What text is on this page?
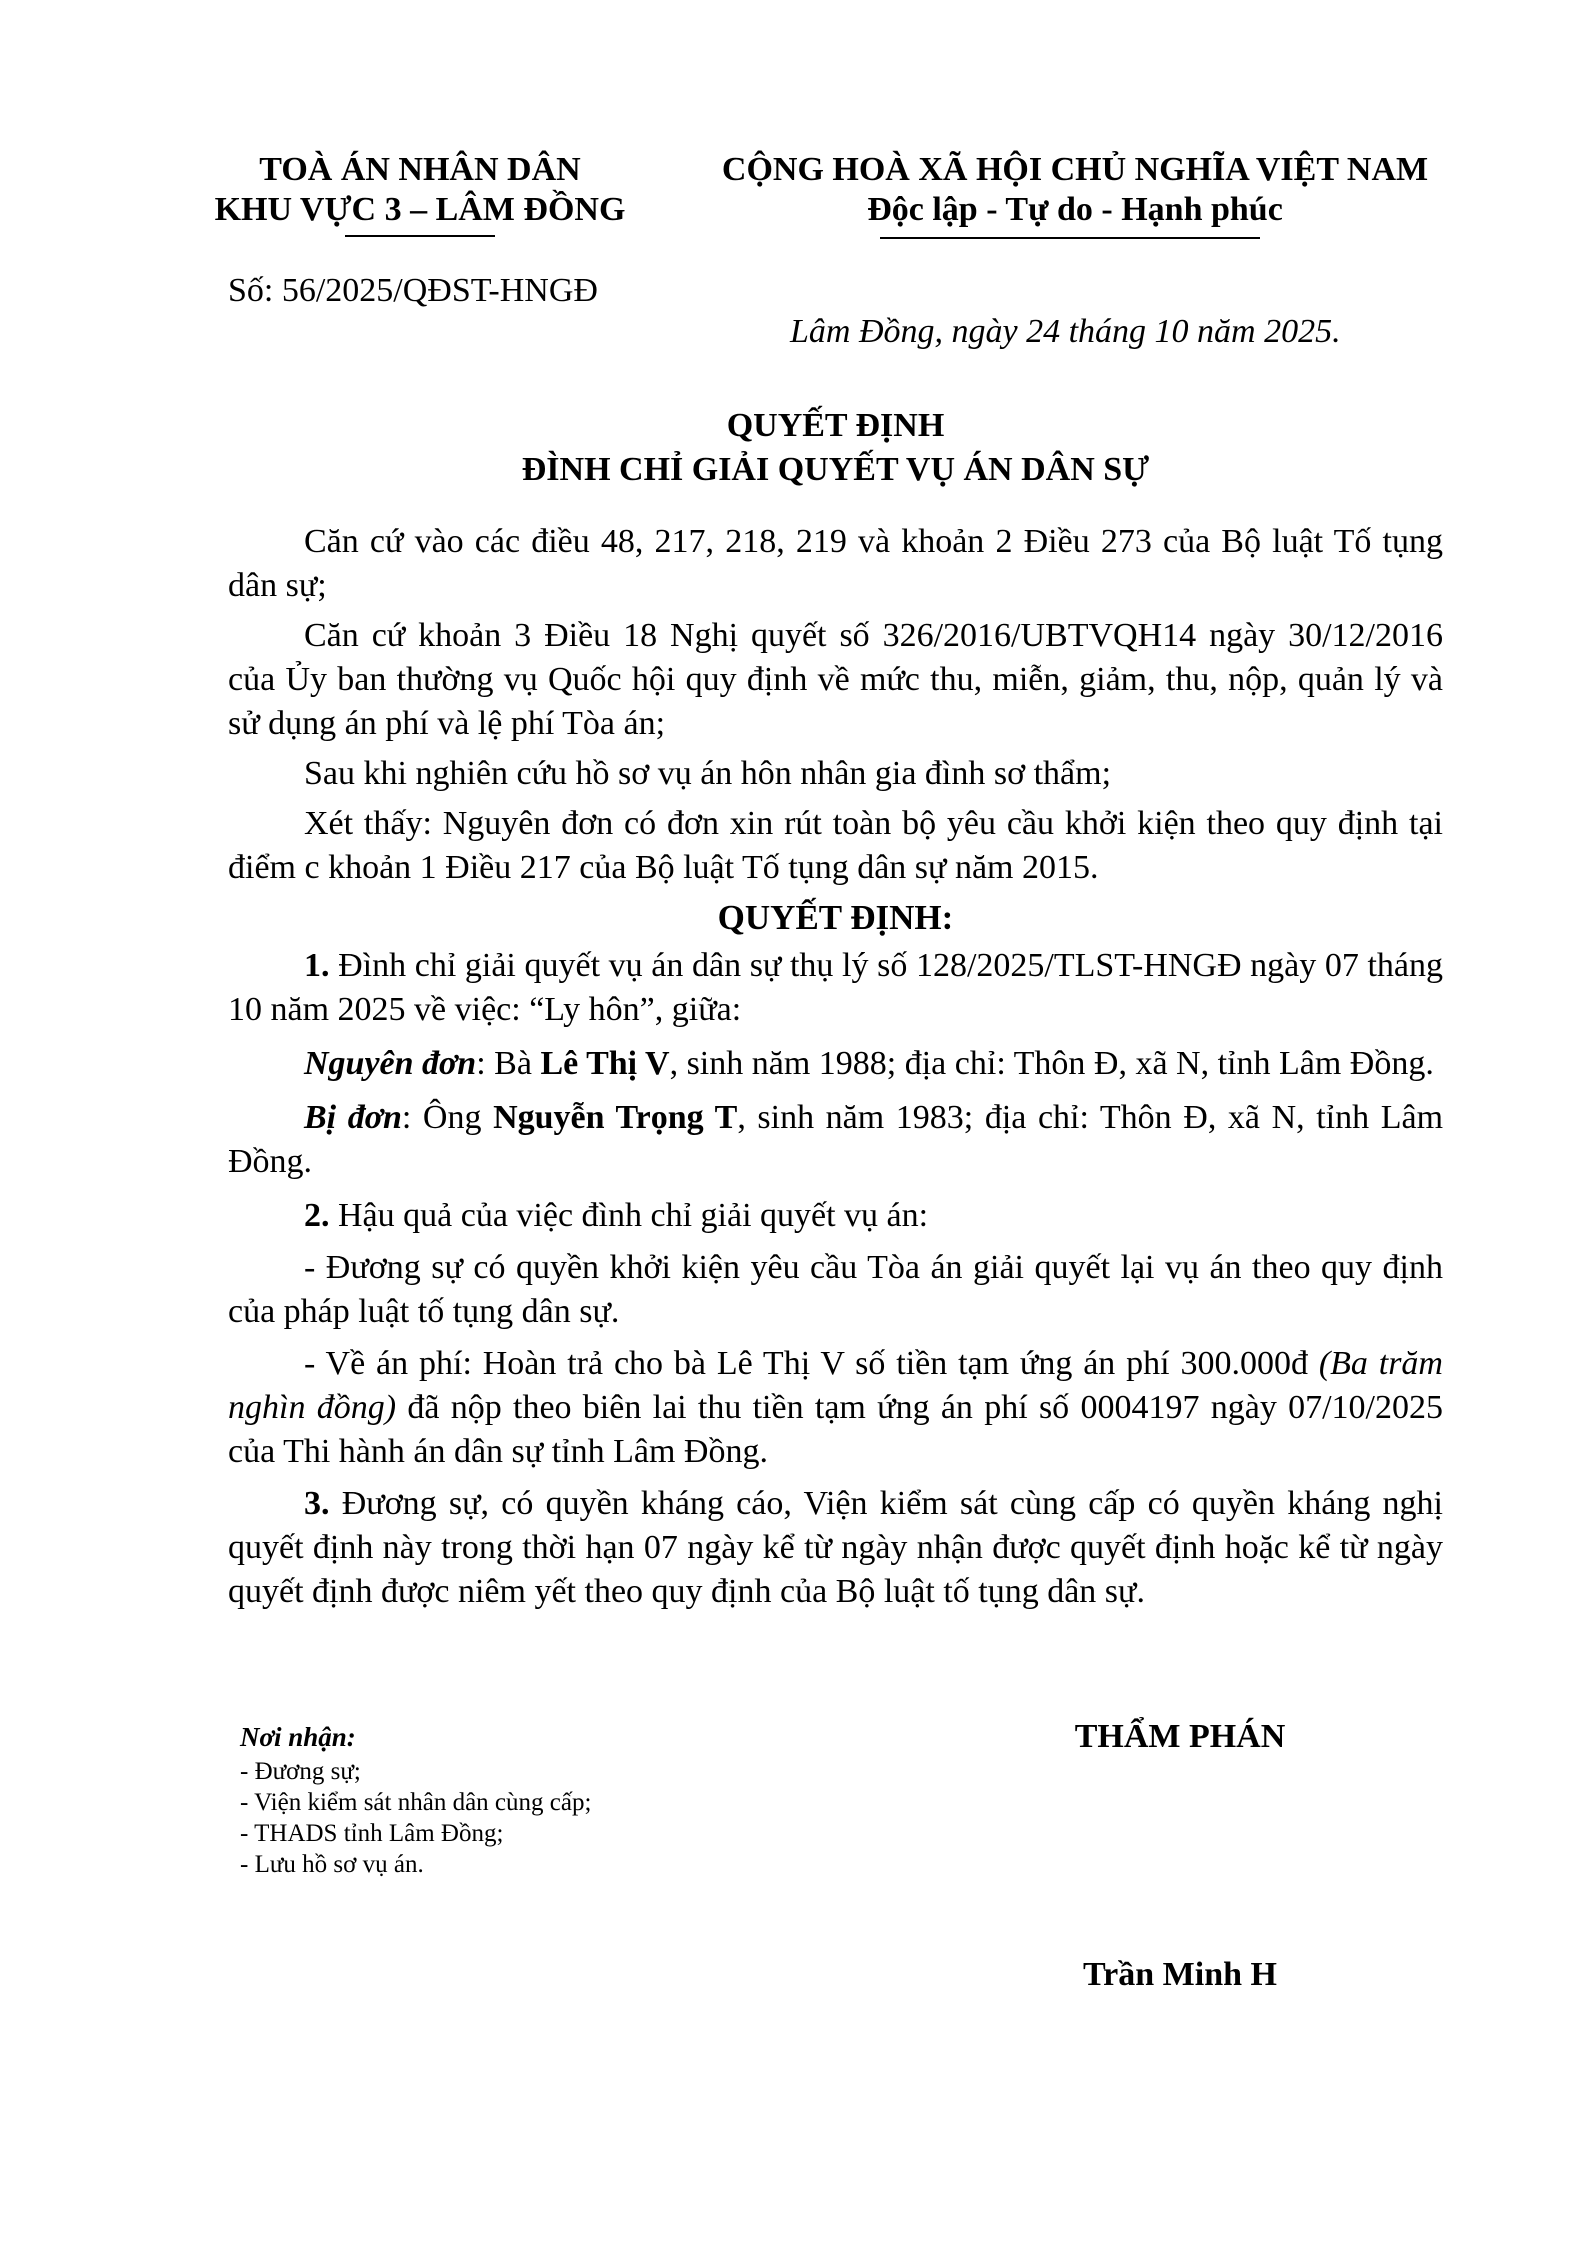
TOÀ ÁN NHÂN DÂN
KHU VỰC 3 – LÂM ĐỒNG
CỘNG HOÀ XÃ HỘI CHỦ NGHĨA VIỆT NAM
Độc lập - Tự do - Hạnh phúc
Số: 56/2025/QĐST-HNGĐ
Lâm Đồng, ngày 24 tháng 10 năm 2025.
QUYẾT ĐỊNH
ĐÌNH CHỈ GIẢI QUYẾT VỤ ÁN DÂN SỰ

Căn cứ vào các điều 48, 217, 218, 219 và khoản 2 Điều 273 của Bộ luật Tố tụng dân sự;

Căn cứ khoản 3 Điều 18 Nghị quyết số 326/2016/UBTVQH14 ngày 30/12/2016 của Ủy ban thường vụ Quốc hội quy định về mức thu, miễn, giảm, thu, nộp, quản lý và sử dụng án phí và lệ phí Tòa án;

Sau khi nghiên cứu hồ sơ vụ án hôn nhân gia đình sơ thẩm;

Xét thấy: Nguyên đơn có đơn xin rút toàn bộ yêu cầu khởi kiện theo quy định tại điểm c khoản 1 Điều 217 của Bộ luật Tố tụng dân sự năm 2015.

QUYẾT ĐỊNH:

1. Đình chỉ giải quyết vụ án dân sự thụ lý số 128/2025/TLST-HNGĐ ngày 07 tháng 10 năm 2025 về việc: “Ly hôn”, giữa:

Nguyên đơn: Bà Lê Thị V, sinh năm 1988; địa chỉ: Thôn Đ, xã N, tỉnh Lâm Đồng.

Bị đơn: Ông Nguyễn Trọng T, sinh năm 1983; địa chỉ: Thôn Đ, xã N, tỉnh Lâm Đồng.

2. Hậu quả của việc đình chỉ giải quyết vụ án:

- Đương sự có quyền khởi kiện yêu cầu Tòa án giải quyết lại vụ án theo quy định của pháp luật tố tụng dân sự.

- Về án phí: Hoàn trả cho bà Lê Thị V số tiền tạm ứng án phí 300.000đ (Ba trăm nghìn đồng) đã nộp theo biên lai thu tiền tạm ứng án phí số 0004197 ngày 07/10/2025 của Thi hành án dân sự tỉnh Lâm Đồng.

3. Đương sự, có quyền kháng cáo, Viện kiểm sát cùng cấp có quyền kháng nghị quyết định này trong thời hạn 07 ngày kể từ ngày nhận được quyết định hoặc kể từ ngày quyết định được niêm yết theo quy định của Bộ luật tố tụng dân sự.

Nơi nhận:
- Đương sự;
- Viện kiểm sát nhân dân cùng cấp;
- THADS tỉnh Lâm Đồng;
- Lưu hồ sơ vụ án.
THẨM PHÁN
Trần Minh H
